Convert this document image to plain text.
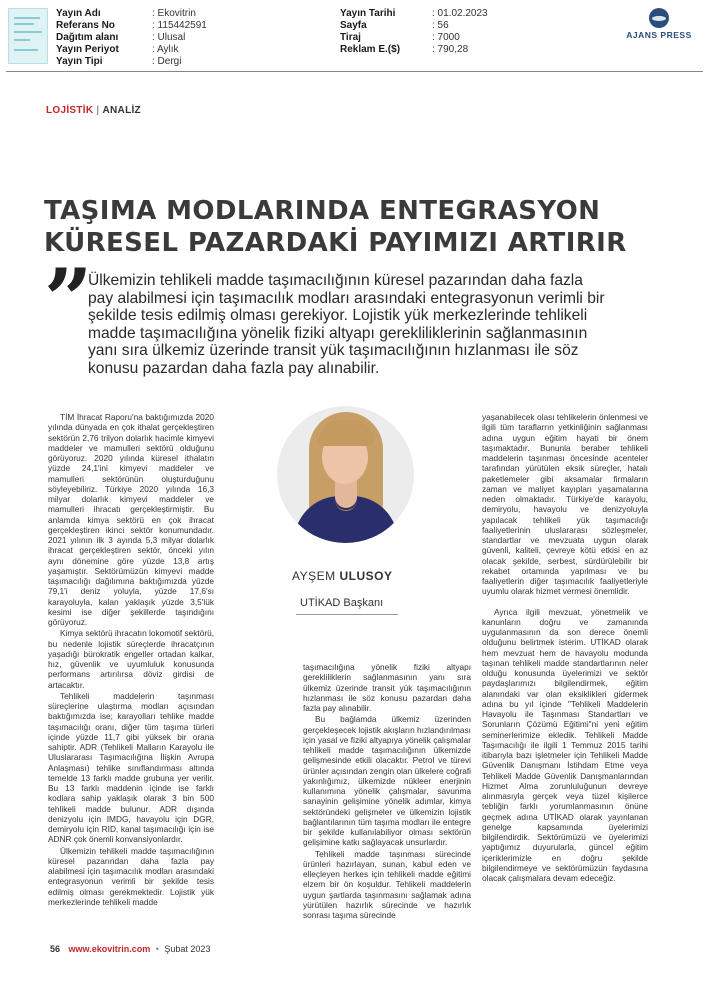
Yayın Adı	: Ekovitrin
Referans No	: 115442591
Dağıtım alanı	: Ulusal
Yayın Periyot	: Aylık
Yayın Tipi	: Dergi
Yayın Tarihi	: 01.02.2023
Sayfa	: 56
Tiraj	: 7000
Reklam E.($)	: 790,28
AJANS PRESS
LOJİSTİK | ANALİZ
TAŞIMA MODLARINDA ENTEGRASYON
KÜRESEL PAZARDAKİ PAYIMIZI ARTIRIR
”
Ülkemizin tehlikeli madde taşımacılığının küresel pazarından daha fazla pay alabilmesi için taşımacılık modları arasındaki entegrasyonun verimli bir şekilde tesis edilmiş olması gerekiyor. Lojistik yük merkezlerinde tehlikeli madde taşımacılığına yönelik fiziki altyapı gerekliliklerinin sağlanmasının yanı sıra ülkemiz üzerinde transit yük taşımacılığının hızlanması ile söz konusu pazardan daha fazla pay alınabilir.

TİM İhracat Raporu'na baktığımızda 2020 yılında dünyada en çok ithalat gerçekleştiren sektörün 2,76 trilyon dolarlık hacimle kimyevi maddeler ve mamulleri sektörü olduğunu görüyoruz. 2020 yılında küresel ithalatın yüzde 24,1'ini kimyevi maddeler ve mamulleri sektörünün oluşturduğunu söyleyebiliriz. Türkiye 2020 yılında 16,3 milyar dolarlık kimyevi maddeler ve mamulleri ihracatı gerçekleştirmiştir. Bu anlamda kimya sektörü en çok ihracat gerçekleştiren ikinci sektör konumundadır. 2021 yılının ilk 3 ayında 5,3 milyar dolarlık ihracat gerçekleştiren sektör, önceki yılın aynı dönemine göre yüzde 13,8 artış yaşamıştır. Sektörümüzün kimyevi madde taşımacılığı dağılımına baktığımızda yüzde 79,1'i deniz yoluyla, yüzde 17,6'sı karayoluyla, kalan yaklaşık yüzde 3,5'lük kesimi ise diğer şekillerde taşındığını görüyoruz.

Kimya sektörü ihracatın lokomotif sektörü, bu nedenle lojistik süreçlerde ihracatçının yaşadığı bürokratik engeller ortadan kalkar, hız, güvenlik ve uyumluluk konusunda performans artırılırsa döviz girdisi de artacaktır.

Tehlikeli maddelerin taşınması süreçlerine ulaştırma modları açısından baktığımızda ise; karayolları tehlike madde taşımacılığı oranı, diğer tüm taşıma türleri içinde yüzde 11,7 gibi yüksek bir orana sahiptir. ADR (Tehlikeli Malların Karayolu ile Uluslararası Taşımacılığına İlişkin Avrupa Anlaşması) tehlike sınıflandırması altında temelde 13 farklı madde grubuna yer verilir. Bu 13 farklı maddenin içinde ise farklı kodlara sahip yaklaşık olarak 3 bin 500 tehlikeli madde bulunur. ADR dışında denizyolu için IMDG, havayolu için DGR, demiryolu için RID, kanal taşımacılığı için ise ADNR çok önemli konvansiyonlardır.

Ülkemizin tehlikeli madde taşımacılığının küresel pazarından daha fazla pay alabilmesi için taşımacılık modları arasındaki entegrasyonun verimli bir şekilde tesis edilmiş olması gerekmektedir. Lojistik yük merkezlerinde tehlikeli madde

AYŞEM ULUSOY
UTİKAD Başkanı

taşımacılığına yönelik fiziki altyapı gerekliliklerin sağlanmasının yanı sıra ülkemiz üzerinde transit yük taşımacılığının hızlanması ile söz konusu pazardan daha fazla pay alınabilir.

Bu bağlamda ülkemiz üzerinden gerçekleşecek lojistik akışların hızlandırılması için yasal ve fiziki altyapıya yönelik çalışmalar tehlikeli madde taşımacılığının ülkemizde gelişmesinde etkili olacaktır. Petrol ve türevi ürünler açısından zengin olan ülkelere coğrafi yakınlığımız, ülkemizde nükleer enerjinin kullanımına yönelik çalışmalar, savunma sanayinin gelişimine yönelik adımlar, kimya sektöründeki gelişmeler ve ülkemizin lojistik bağlantılarının tüm taşıma modları ile entegre bir şekilde kullanılabiliyor olması sektörün gelişimine katkı sağlayacak unsurlardır.

Tehlikeli madde taşınması sürecinde ürünleri hazırlayan, sunan, kabul eden ve elleçleyen herkes için tehlikeli madde eğitimi elzem bir ön koşuldur. Tehlikeli maddelerin uygun şartlarda taşınmasını sağlamak adına yürütülen hazırlık sürecinde ve hazırlık sonrası taşıma sürecinde

yaşanabilecek olası tehlikelerin önlenmesi ve ilgili tüm taraflarrın yetkinliğinin sağlanması adına uygun eğitim hayati bir önem taşımaktadır. Bununla beraber tehlikeli maddelerin taşınması öncesinde acenteler tarafından yürütülen eksik süreçler, hatalı paketlemeler gibi aksamalar firmaların zaman ve maliyet kayıpları yaşamalarına neden olmaktadır. Türkiye'de karayolu, demiryolu, havayolu ve denizyoluyla yapılacak tehlikeli yük taşımacılığı faaliyetlerinin uluslararası sözleşmeler, standartlar ve mevzuata uygun olarak güvenli, kaliteli, çevreye kötü etkisi en az olacak şekilde, serbest, sürdürülebilir bir rekabet ortamında yapılması ve bu faaliyetlerin diğer taşımacılık faaliyetleriyle uyumlu olarak hizmet vermesi önemlidir.

Ayrıca ilgili mevzuat, yönetmelik ve kanunların doğru ve zamanında uygulanmasının da son derece önemli olduğunu belirtmek isterim. UTİKAD olarak hem mevzuat hem de havayolu modunda taşınan tehlikeli madde standartlarının neler olduğu konusunda üyelerimizi ve sektör paydaşlarımızı bilgilendirmek, eğitim alanındaki var olan eksiklikleri gidermek adına bu yıl içinde "Tehlikeli Maddelerin Havayolu ile Taşınması Standartları ve Sorunların Çözümü Eğitimi"ni yeni eğitim seminerlerimize ekledik. Tehlikeli Madde Taşımacılığı ile ilgili 1 Temmuz 2015 tarihi itibarıyla bazı işletmeler için Tehlikeli Madde Güvenlik Danışmanı İstihdam Etme veya Tehlikeli Madde Güvenlik Danışmanlarından Hizmet Alma zorunluluğunun devreye alınmasıyla gerçek veya tüzel kişilerce tebliğin farklı yorumlanmasının önüne geçmek adına UTİKAD olarak yayınlanan genelge kapsamında üyelerimizi bilgilendirdik. Sektörümüzü ve üyelerimizi yaptığımız duyurularla, güncel eğitim içeriklerimizle en doğru şekilde bilgilendirmeye ve sektörümüzün faydasına olacak çalışmalara devam edeceğiz.

56 www.ekovitrin.com • Şubat 2023
